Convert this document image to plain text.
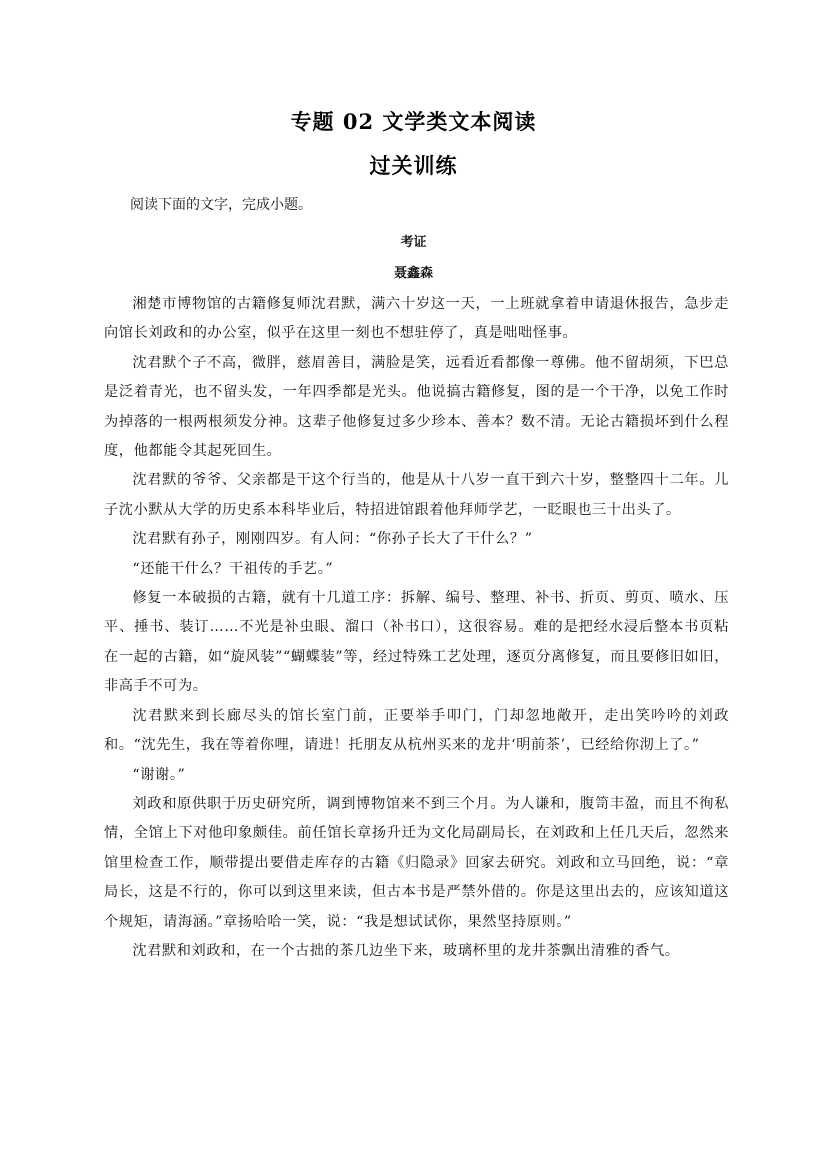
专题 02 文学类文本阅读
过关训练
阅读下面的文字，完成小题。
考证
聂鑫森

湘楚市博物馆的古籍修复师沈君默，满六十岁这一天，一上班就拿着申请退休报告，急步走向馆长刘政和的办公室，似乎在这里一刻也不想驻停了，真是咄咄怪事。

沈君默个子不高，微胖，慈眉善目，满脸是笑，远看近看都像一尊佛。他不留胡须，下巴总是泛着青光，也不留头发，一年四季都是光头。他说搞古籍修复，图的是一个干净，以免工作时为掉落的一根两根须发分神。这辈子他修复过多少珍本、善本？数不清。无论古籍损坏到什么程度，他都能令其起死回生。

沈君默的爷爷、父亲都是干这个行当的，他是从十八岁一直干到六十岁，整整四十二年。儿子沈小默从大学的历史系本科毕业后，特招进馆跟着他拜师学艺，一眨眼也三十出头了。

沈君默有孙子，刚刚四岁。有人问：“你孙子长大了干什么？”

“还能干什么？干祖传的手艺。”

修复一本破损的古籍，就有十几道工序：拆解、编号、整理、补书、折页、剪页、喷水、压平、捶书、装订……不光是补虫眼、溜口（补书口），这很容易。难的是把经水浸后整本书页粘在一起的古籍，如“旋风装”“蝴蝶装”等，经过特殊工艺处理，逐页分离修复，而且要修旧如旧，非高手不可为。

沈君默来到长廊尽头的馆长室门前，正要举手叩门，门却忽地敞开，走出笑吟吟的刘政和。“沈先生，我在等着你哩，请进！托朋友从杭州买来的龙井‘明前茶’，已经给你沏上了。”

“谢谢。”

刘政和原供职于历史研究所，调到博物馆来不到三个月。为人谦和，腹笥丰盈，而且不徇私情，全馆上下对他印象颇佳。前任馆长章扬升迁为文化局副局长，在刘政和上任几天后，忽然来馆里检查工作，顺带提出要借走库存的古籍《归隐录》回家去研究。刘政和立马回绝，说：“章局长，这是不行的，你可以到这里来读，但古本书是严禁外借的。你是这里出去的，应该知道这个规矩，请海涵。”章扬哈哈一笑，说：“我是想试试你，果然坚持原则。”

沈君默和刘政和，在一个古拙的茶几边坐下来，玻璃杯里的龙井茶飘出清雅的香气。
